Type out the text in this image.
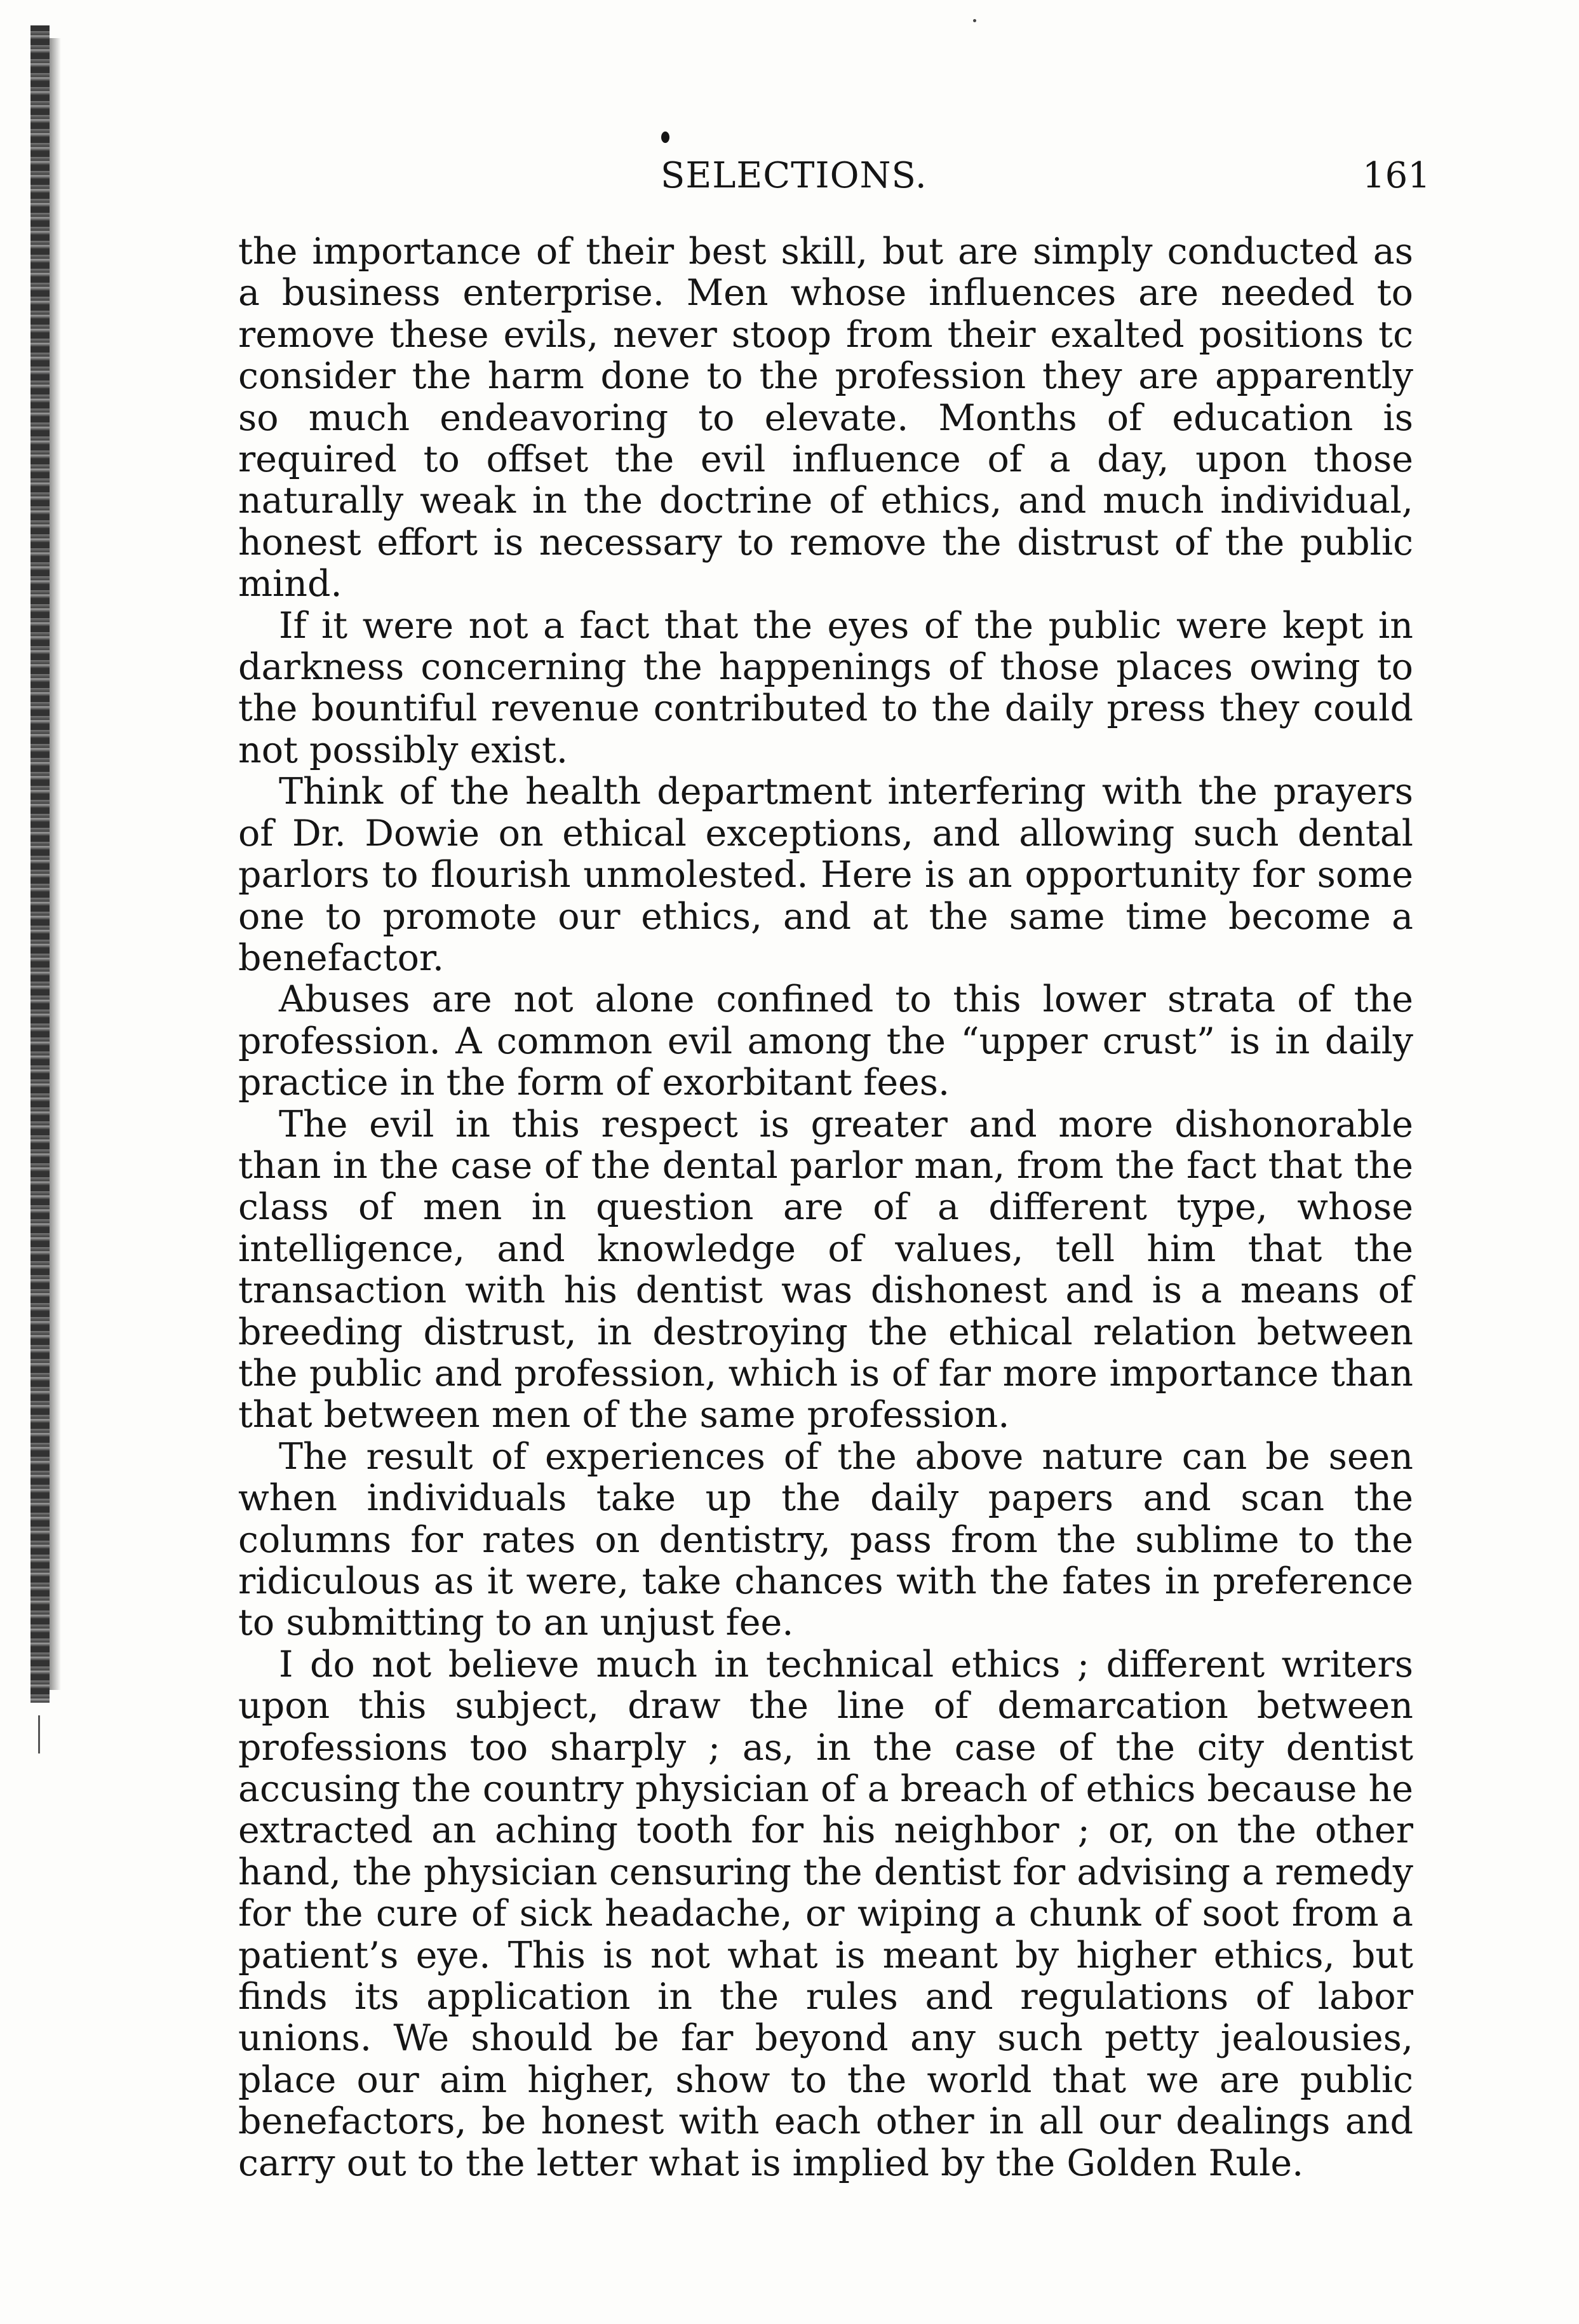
SELECTIONS.	161

the importance of their best skill, but are simply conducted as a business enterprise. Men whose influences are needed to remove these evils, never stoop from their exalted positions tc consider the harm done to the profession they are apparently so much endeavoring to elevate. Months of education is required to offset the evil influence of a day, upon those naturally weak in the doctrine of ethics, and much individual, honest effort is necessary to remove the distrust of the public mind.

If it were not a fact that the eyes of the public were kept in darkness concerning the happenings of those places owing to the bountiful revenue contributed to the daily press they could not possibly exist.

Think of the health department interfering with the prayers of Dr. Dowie on ethical exceptions, and allowing such dental parlors to flourish unmolested. Here is an opportunity for some one to promote our ethics, and at the same time become a benefactor.

Abuses are not alone confined to this lower strata of the profession. A common evil among the “upper crust” is in daily practice in the form of exorbitant fees.

The evil in this respect is greater and more dishonorable than in the case of the dental parlor man, from the fact that the class of men in question are of a different type, whose intelligence, and knowledge of values, tell him that the transaction with his dentist was dishonest and is a means of breeding distrust, in destroying the ethical relation between the public and profession, which is of far more importance than that between men of the same profession.

The result of experiences of the above nature can be seen when individuals take up the daily papers and scan the columns for rates on dentistry, pass from the sublime to the ridiculous as it were, take chances with the fates in preference to submitting to an unjust fee.

I do not believe much in technical ethics ; different writers upon this subject, draw the line of demarcation between professions too sharply ; as, in the case of the city dentist accusing the country physician of a breach of ethics because he extracted an aching tooth for his neighbor ; or, on the other hand, the physician censuring the dentist for advising a remedy for the cure of sick headache, or wiping a chunk of soot from a patient’s eye. This is not what is meant by higher ethics, but finds its application in the rules and regulations of labor unions. We should be far beyond any such petty jealousies, place our aim higher, show to the world that we are public benefactors, be honest with each other in all our dealings and carry out to the letter what is implied by the Golden Rule.
